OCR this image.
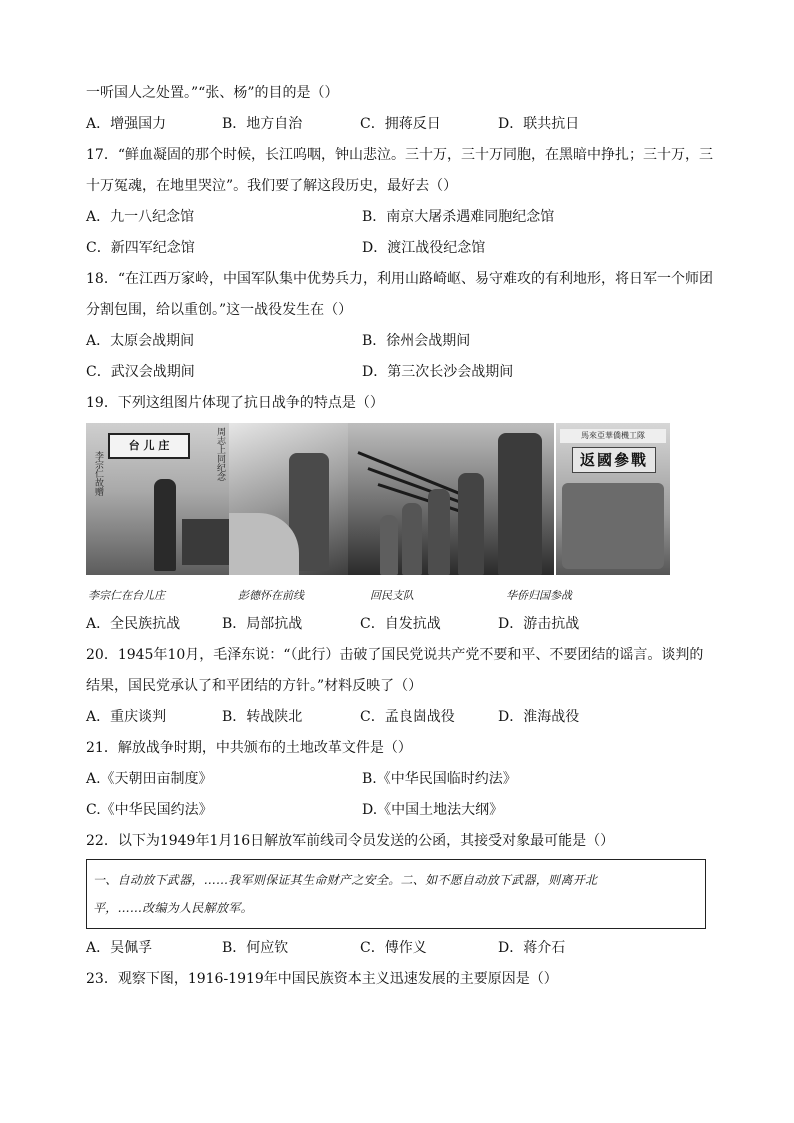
一听国人之处置。”“张、杨”的目的是（）
A．增强国力	B．地方自治	C．拥蒋反日	D．联共抗日
17．“鲜血凝固的那个时候，长江呜咽，钟山悲泣。三十万，三十万同胞，在黑暗中挣扎；三十万，三
十万冤魂，在地里哭泣”。我们要了解这段历史，最好去（）
A．九一八纪念馆	B．南京大屠杀遇难同胞纪念馆
C．新四军纪念馆	D．渡江战役纪念馆
18．“在江西万家岭，中国军队集中优势兵力，利用山路崎岖、易守难攻的有利地形，将日军一个师团
分割包围，给以重创。”这一战役发生在（）
A．太原会战期间	B．徐州会战期间
C．武汉会战期间	D．第三次长沙会战期间
19．下列这组图片体现了抗日战争的特点是（）
台 儿 庄
李宗仁故赠	周志上同纪念	馬來亞華僑機工隊
返國參戰
李宗仁在台儿庄	彭德怀在前线	回民支队	华侨归国参战
A．全民族抗战	B．局部抗战	C．自发抗战	D．游击抗战
20．1945年10月，毛泽东说：“（此行）击破了国民党说共产党不要和平、不要团结的谣言。谈判的
结果，国民党承认了和平团结的方针。”材料反映了（）
A．重庆谈判	B．转战陕北	C．孟良崮战役	D．淮海战役
21．解放战争时期，中共颁布的土地改革文件是（）
A.《天朝田亩制度》	B.《中华民国临时约法》
C.《中华民国约法》	D.《中国土地法大纲》
22．以下为1949年1月16日解放军前线司令员发送的公函，其接受对象最可能是（）
一、自动放下武器，……我军则保证其生命财产之安全。二、如不愿自动放下武器，则离开北
平，……改编为人民解放军。
A．吴佩孚	B．何应钦	C．傅作义	D．蒋介石
23．观察下图，1916-1919年中国民族资本主义迅速发展的主要原因是（）
